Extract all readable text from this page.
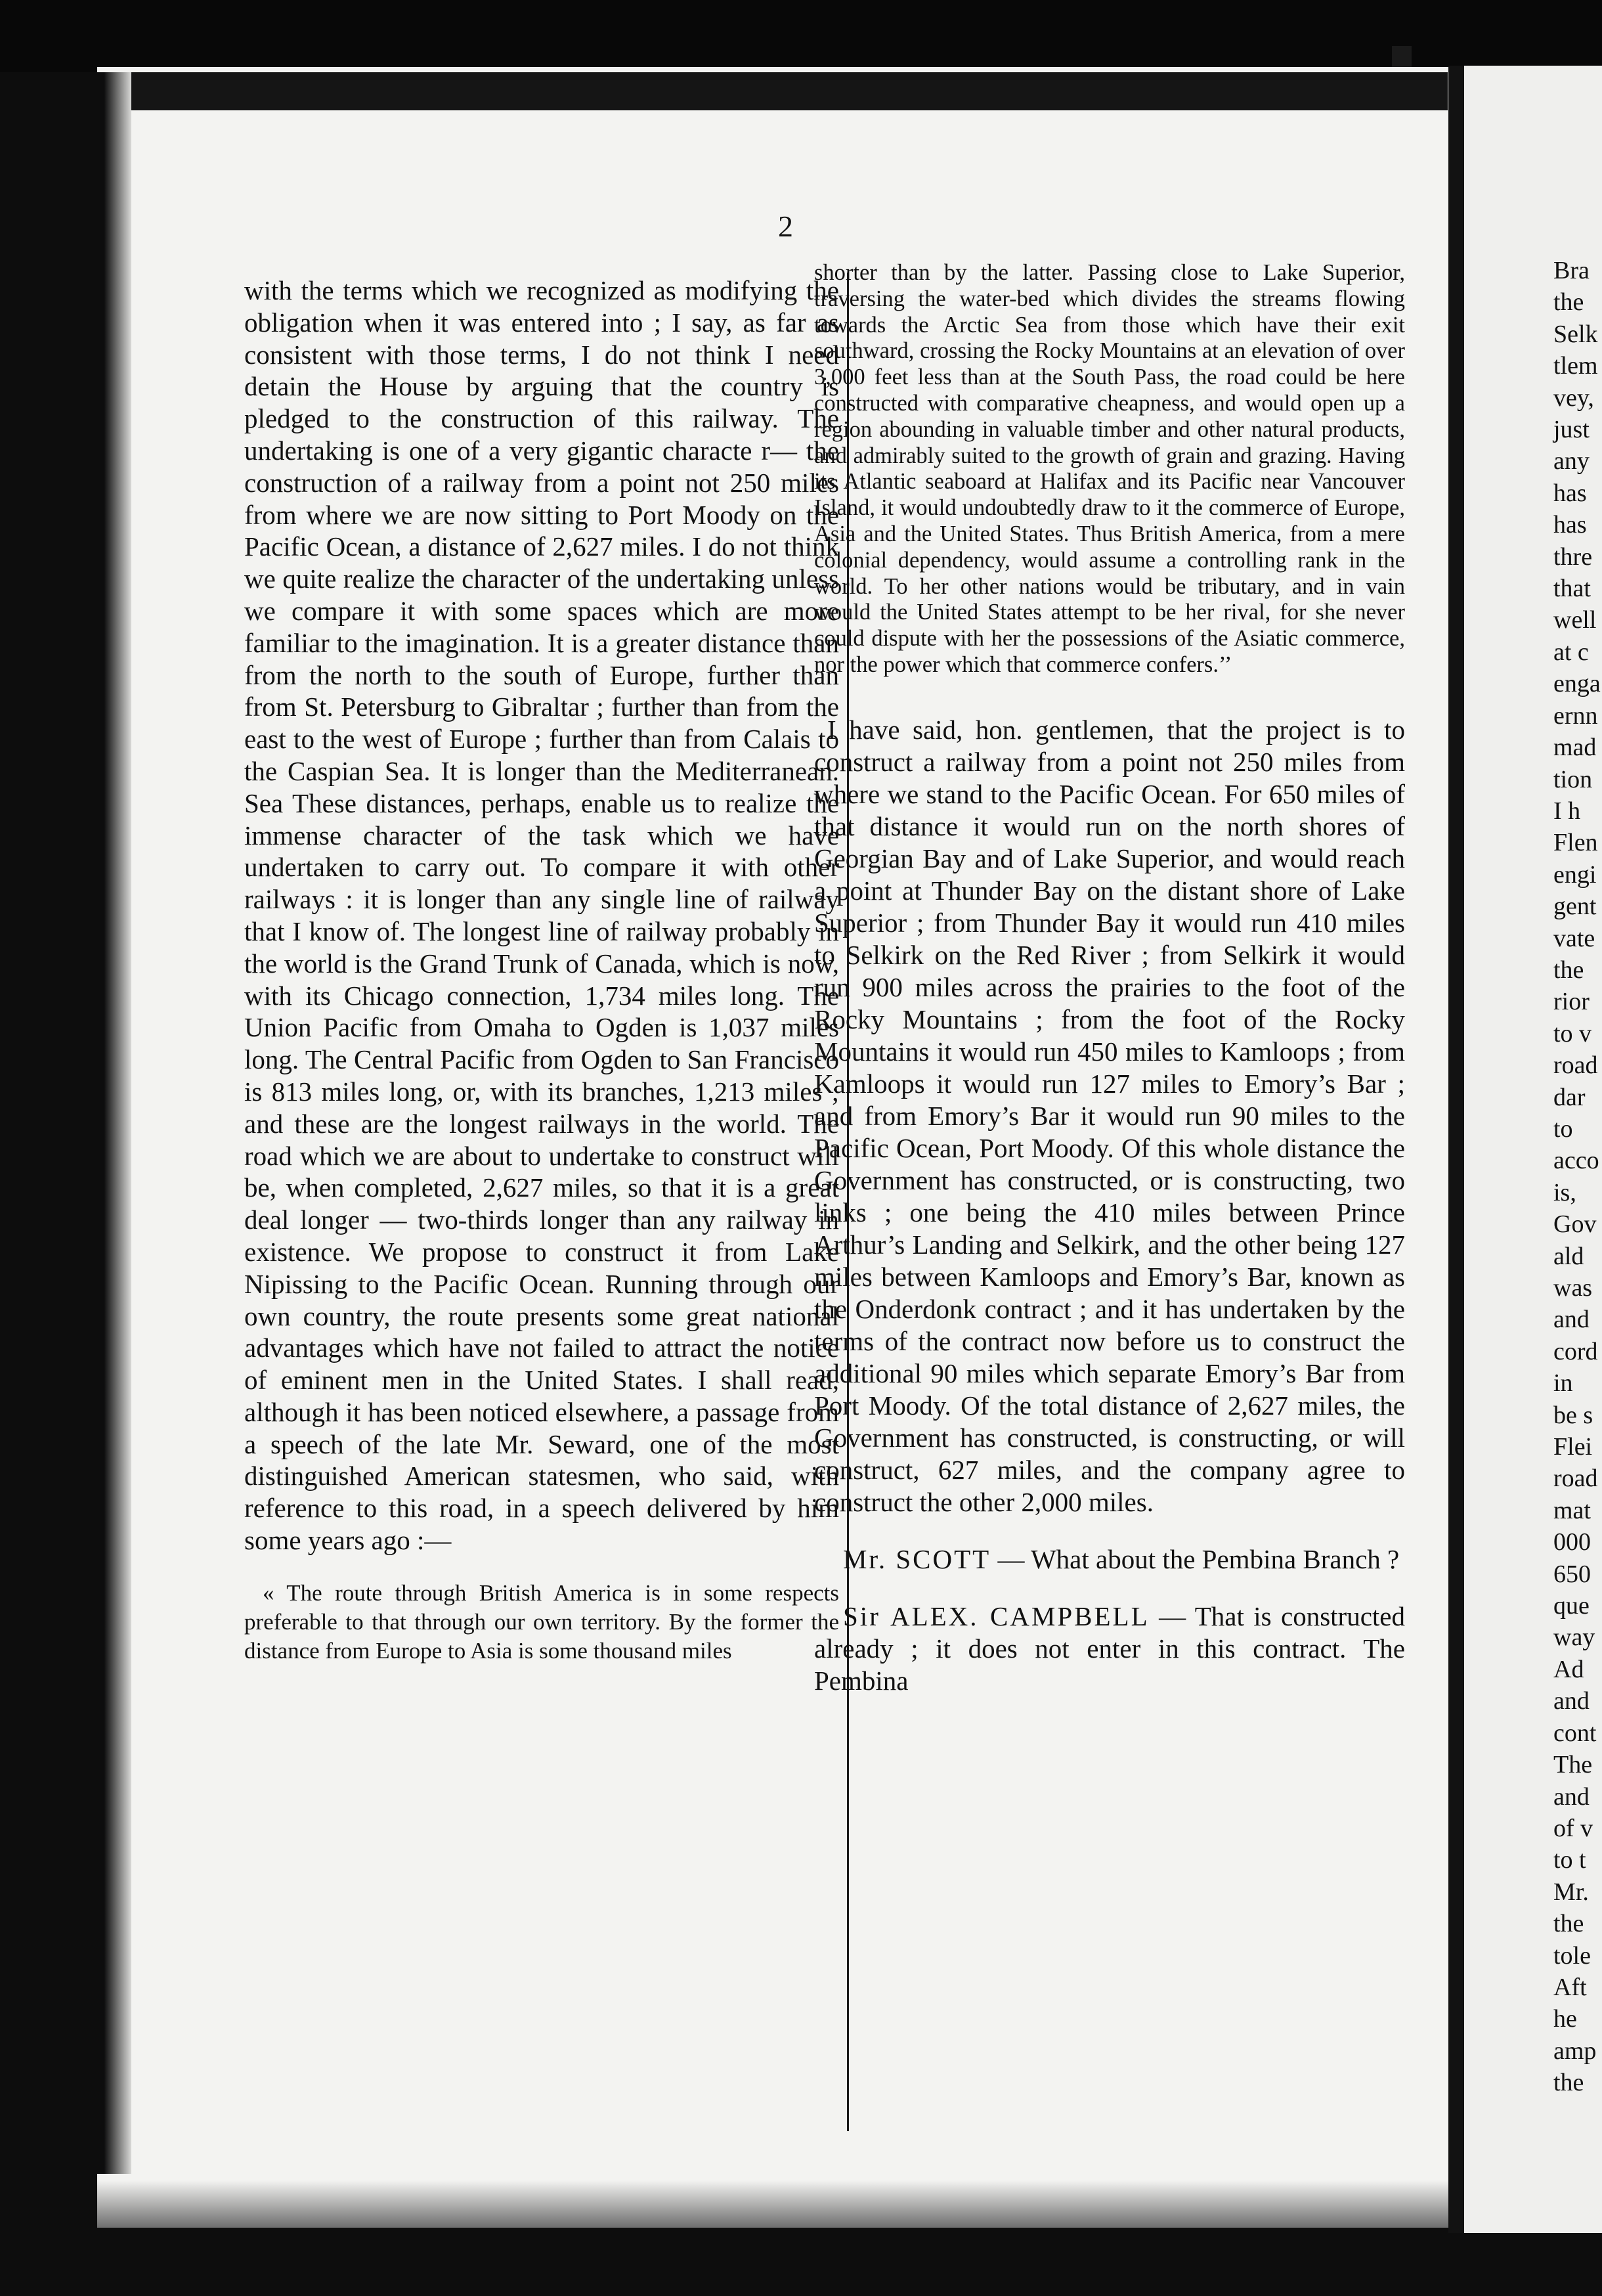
Bra
the
Selk
tlem
vey,
just
any
has
has
thre
that
well
at c
enga
ernn
mad
tion
I h
Flen
engi
gent
vate
the
rior
to v
road
dar
to
acco
is,
Gov
ald
was
and
cord
in
be s
Flei
road
mat
000
650
que
way
Ad
and
cont
The
and
of v
to t
Mr.
the
tole
Aft
he
amp
the
2

with the terms which we recognized as modifying the obligation when it was entered into ; I say, as far as consistent with those terms, I do not think I need detain the House by arguing that the country is pledged to the construction of this railway. The undertaking is one of a very gigantic characte r— the construction of a railway from a point not 250 miles from where we are now sitting to Port Moody on the Pacific Ocean, a distance of 2,627 miles. I do not think we quite realize the character of the undertaking unless we compare it with some spaces which are more familiar to the imagination. It is a greater distance than from the north to the south of Europe, further than from St. Petersburg to Gibraltar ; further than from the east to the west of Europe ; further than from Calais to the Caspian Sea. It is longer than the Mediterranean. Sea These distances, perhaps, enable us to realize the immense character of the task which we have undertaken to carry out. To compare it with other railways : it is longer than any single line of railway that I know of. The longest line of railway probably in the world is the Grand Trunk of Canada, which is now, with its Chicago connection, 1,734 miles long. The Union Pacific from Omaha to Ogden is 1,037 miles long. The Central Pacific from Ogden to San Francisco is 813 miles long, or, with its branches, 1,213 miles ; and these are the longest railways in the world. The road which we are about to undertake to construct will be, when completed, 2,627 miles, so that it is a great deal longer — two-thirds longer than any railway in existence. We propose to construct it from Lake Nipissing to the Pacific Ocean. Running through our own country, the route presents some great national advantages which have not failed to attract the notice of eminent men in the United States. I shall read, although it has been noticed elsewhere, a passage from a speech of the late Mr. Seward, one of the most distinguished American statesmen, who said, with reference to this road, in a speech delivered by him some years ago :—

« The route through British America is in some respects preferable to that through our own territory. By the former the distance from Europe to Asia is some thousand miles

shorter than by the latter. Passing close to Lake Superior, traversing the water-bed which divides the streams flowing towards the Arctic Sea from those which have their exit southward, crossing the Rocky Mountains at an elevation of over 3,000 feet less than at the South Pass, the road could be here constructed with comparative cheapness, and would open up a region abounding in valuable timber and other natural products, and admirably suited to the growth of grain and grazing. Having its Atlantic seaboard at Halifax and its Pacific near Vancouver Island, it would undoubtedly draw to it the commerce of Europe, Asia and the United States. Thus British America, from a mere colonial dependency, would assume a controlling rank in the world. To her other nations would be tributary, and in vain would the United States attempt to be her rival, for she never could dispute with her the possessions of the Asiatic commerce, nor the power which that commerce confers.’’

I have said, hon. gentlemen, that the project is to construct a railway from a point not 250 miles from where we stand to the Pacific Ocean. For 650 miles of that distance it would run on the north shores of Georgian Bay and of Lake Superior, and would reach a point at Thunder Bay on the distant shore of Lake Superior ; from Thunder Bay it would run 410 miles to Selkirk on the Red River ; from Selkirk it would run 900 miles across the prairies to the foot of the Rocky Mountains ; from the foot of the Rocky Mountains it would run 450 miles to Kamloops ; from Kamloops it would run 127 miles to Emory’s Bar ; and from Emory’s Bar it would run 90 miles to the Pacific Ocean, Port Moody. Of this whole distance the Government has constructed, or is constructing, two links ; one being the 410 miles between Prince Arthur’s Landing and Selkirk, and the other being 127 miles between Kamloops and Emory’s Bar, known as the Onderdonk contract ; and it has undertaken by the terms of the contract now before us to construct the additional 90 miles which separate Emory’s Bar from Port Moody. Of the total distance of 2,627 miles, the Government has constructed, is constructing, or will construct, 627 miles, and the company agree to construct the other 2,000 miles.

Mr. SCOTT — What about the Pembina Branch ?

Sir ALEX. CAMPBELL — That is constructed already ; it does not enter in this contract. The Pembina
